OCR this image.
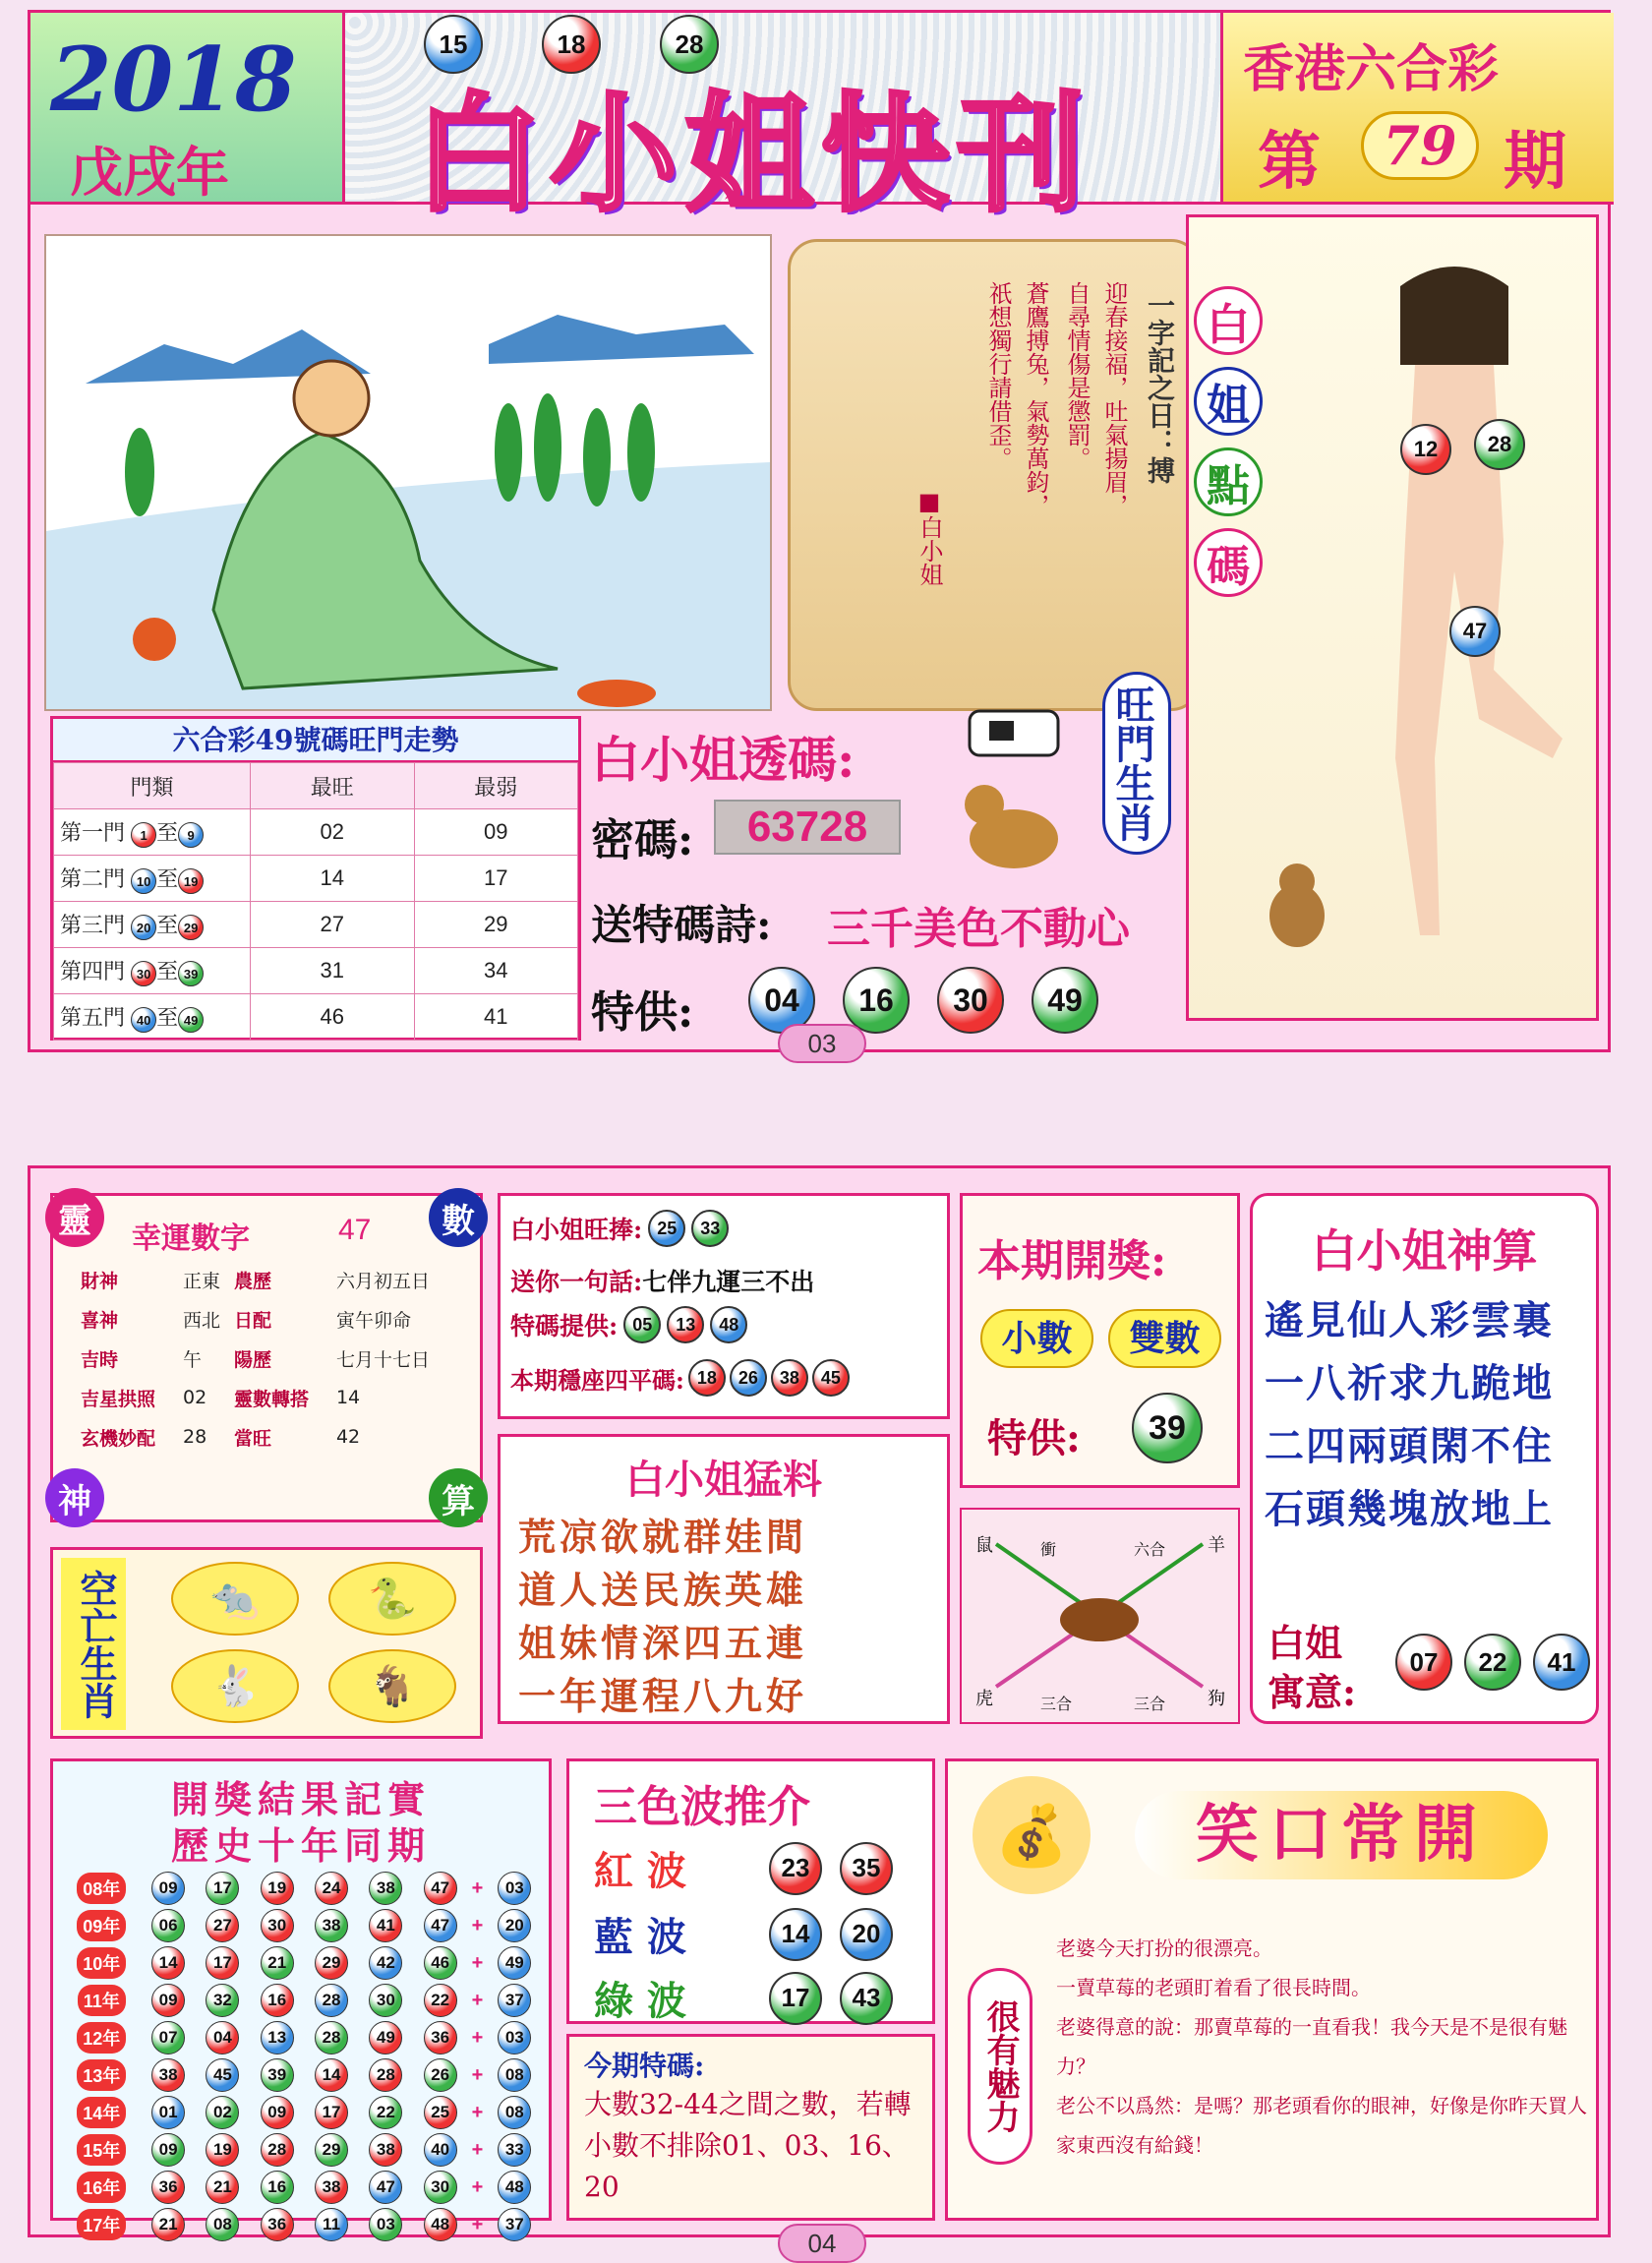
2018
戊戌年
15	18	28
白小姐快刊
香港六合彩
第	79 期
一字記之日：搏
迎春接福，吐氣揚眉，
自尋情傷是懲罰。
蒼鷹搏兔，氣勢萬鈞，
祇想獨行請借歪。
■白小姐
白
姐
點
碼
12	28
47
六合彩49號碼旺門走勢
門類	最旺	最弱
第一門 1 至 9	02	09
第二門 10 至 19	14	17
第三門 20 至 29	27	29
第四門 30 至 39	31	34
第五門 40 至 49	46	41
白小姐透碼:
密碼:	63728
送特碼詩: 三千美色不動心
特供:	04	16	30	49
旺門生肖
03
靈	數
神	算
幸運數字	47
財神	正東	農歷	六月初五日
喜神	西北	日配	寅午卯命
吉時	午	陽歷	七月十七日
吉星拱照	02	靈數轉搭	14
玄機妙配	28	當旺	42
空亡生肖	🐀	🐍
🐇	🐐
白小姐旺捧: 25	33
送你一句話:七伴九運三不出
特碼提供: 05	13	48
本期穩座四平碼: 18	26	38	45
白小姐猛料
荒凉欲就群娃間
道人送民族英雄
姐妹情深四五連
一年運程八九好
本期開獎:
小數	雙數
特供:	39
鼠	衝	六合 羊
虎	三合	三合 狗
白小姐神算
遙見仙人彩雲裏
一八祈求九跪地
二四兩頭閑不住
石頭幾塊放地上
白姐寓意:
07	22	41
開獎結果記實
歷史十年同期
08年	09	17	19	24	38	47	+	03
09年	06	27	30	38	41	47	+	20
10年	14	17	21	29	42	46	+	49
11年	09	32	16	28	30	22	+	37
12年	07	04	13	28	49	36	+	03
13年	38	45	39	14	28	26	+	08
14年	01	02	09	17	22	25	+	08
15年	09	19	28	29	38	40	+	33
16年	36	21	16	38	47	30	+	48
17年	21	08	36	11	03	48	+	37
三色波推介
紅 波	23	35
藍 波	14	20
綠 波	17	43
今期特碼:
大數32-44之間之數，若轉小數不排除01、03、16、20
💰	笑口常開
很有魅力
老婆今天打扮的很漂亮。
一賣草莓的老頭盯着看了很長時間。
老婆得意的說：那賣草莓的一直看我！我今天是不是很有魅力？
老公不以爲然：是嗎？那老頭看你的眼神，好像是你昨天買人家東西沒有給錢！
04
